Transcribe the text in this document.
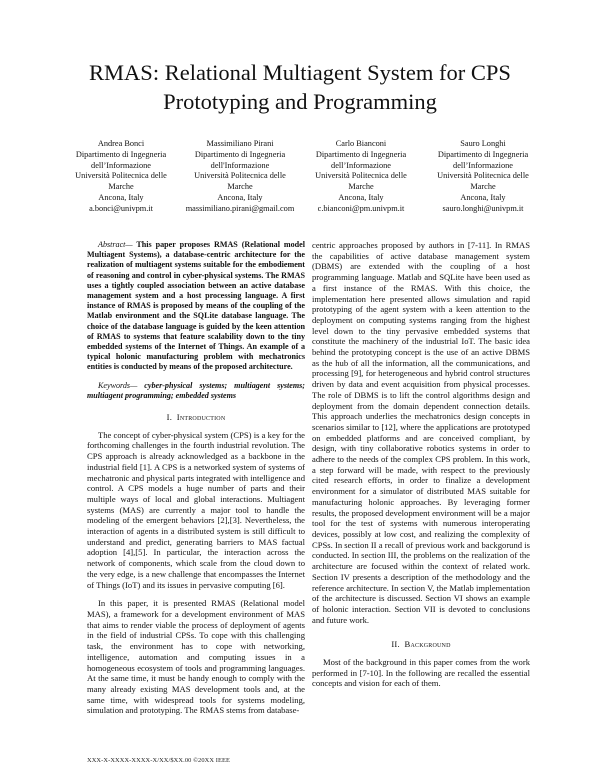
RMAS: Relational Multiagent System for CPS Prototyping and Programming
Andrea Bonci
Dipartimento di Ingegneria
dell’Informazione
Università Politecnica delle
Marche
Ancona, Italy
a.bonci@univpm.it
Massimiliano Pirani
Dipartimento di Ingegneria
dell'Informazione
Università Politecnica delle
Marche
Ancona, Italy
massimiliano.pirani@gmail.com
Carlo Bianconi
Dipartimento di Ingegneria
dell’Informazione
Università Politecnica delle
Marche
Ancona, Italy
c.bianconi@pm.univpm.it
Sauro Longhi
Dipartimento di Ingegneria
dell’Informazione
Università Politecnica delle
Marche
Ancona, Italy
sauro.longhi@univpm.it

Abstract— This paper proposes RMAS (Relational model Multiagent Systems), a database-centric architecture for the realization of multiagent systems suitable for the embodiement of reasoning and control in cyber-physical systems. The RMAS uses a tightly coupled association between an active database management system and a host processing language. A first instance of RMAS is proposed by means of the coupling of the Matlab environment and the SQLite database language. The choice of the database language is guided by the keen attention of RMAS to systems that feature scalability down to the tiny embedded systems of the Internet of Things. An example of a typical holonic manufacturing problem with mechatronics entities is conducted by means of the proposed architecture.

Keywords— cyber-physical systems; multiagent systems; multiagent programming; embedded systems

I. Introduction

The concept of cyber-physical system (CPS) is a key for the forthcoming challenges in the fourth industrial revolution. The CPS approach is already acknowledged as a backbone in the industrial field [1]. A CPS is a networked system of systems of mechatronic and physical parts integrated with intelligence and control. A CPS models a huge number of parts and their multiple ways of local and global interactions. Multiagent systems (MAS) are currently a major tool to handle the modeling of the emergent behaviors [2],[3]. Nevertheless, the interaction of agents in a distributed system is still difficult to understand and predict, generating barriers to MAS factual adoption [4],[5]. In particular, the interaction across the network of components, which scale from the cloud down to the very edge, is a new challenge that encompasses the Internet of Things (IoT) and its issues in pervasive computing [6].

In this paper, it is presented RMAS (Relational model MAS), a framework for a development environment of MAS that aims to render viable the process of deployment of agents in the field of industrial CPSs. To cope with this challenging task, the environment has to cope with networking, intelligence, automation and computing issues in a homogeneous ecosystem of tools and programming languages. At the same time, it must be handy enough to comply with the many already existing MAS development tools and, at the same time, with widespread tools for systems modeling, simulation and prototyping. The RMAS stems from database-

centric approaches proposed by authors in [7-11]. In RMAS the capabilities of active database management system (DBMS) are extended with the coupling of a host programming language. Matlab and SQLite have been used as a first instance of the RMAS. With this choice, the implementation here presented allows simulation and rapid prototyping of the agent system with a keen attention to the deployment on computing systems ranging from the highest level down to the tiny pervasive embedded systems that constitute the machinery of the industrial IoT. The basic idea behind the prototyping concept is the use of an active DBMS as the hub of all the information, all the communications, and processing [9], for heterogeneous and hybrid control structures driven by data and event acquisition from physical processes. The role of DBMS is to lift the control algorithms design and deployment from the domain dependent connection details. This approach underlies the mechatronics design concepts in scenarios similar to [12], where the applications are prototyped on embedded platforms and are conceived compliant, by design, with tiny collaborative robotics systems in order to adhere to the needs of the complex CPS problem. In this work, a step forward will be made, with respect to the previously cited research efforts, in order to finalize a development environment for a simulator of distributed MAS suitable for manufacturing holonic approaches. By leveraging former results, the proposed development environment will be a major tool for the test of systems with numerous interoperating devices, possibly at low cost, and realizing the complexity of CPSs. In section II a recall of previous work and backgorund is conducted. In section III, the problems on the realization of the architecture are focused within the context of related work. Section IV presents a description of the methodology and the reference architecture. In section V, the Matlab implementation of the architecture is discussed. Section VI shows an example of holonic interaction. Section VII is devoted to conclusions and future work.

II. Background

Most of the background in this paper comes from the work performed in [7-10]. In the following are recalled the essential concepts and vision for each of them.

XXX-X-XXXX-XXXX-X/XX/$XX.00 ©20XX IEEE
